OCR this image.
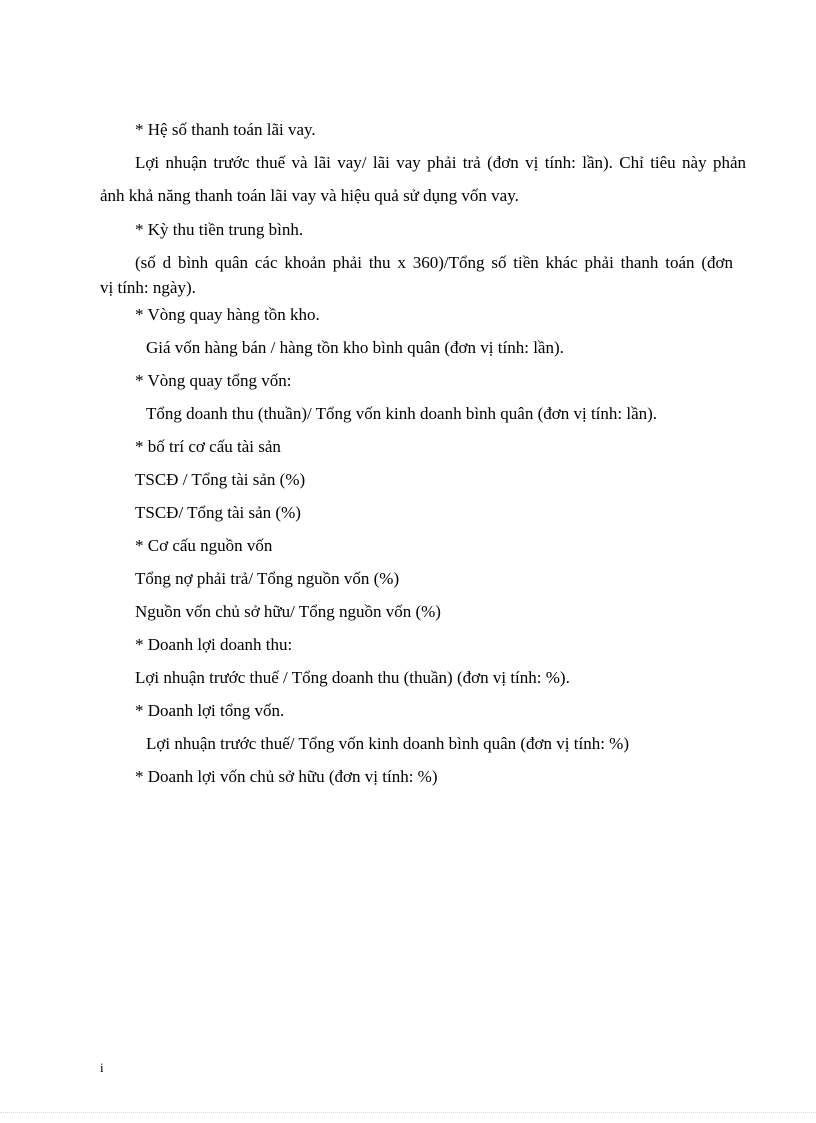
* Hệ số thanh toán lãi vay.
Lợi nhuận trước thuế và lãi vay/ lãi vay phải trả (đơn vị tính: lần). Chỉ tiêu này phản
ảnh khả năng thanh toán lãi vay và hiệu quả sử dụng vốn vay.
* Kỳ thu tiền trung bình.
(số d bình quân các khoản phải thu x 360)/Tổng số tiền khác phải thanh toán (đơn
vị tính: ngày).
* Vòng quay hàng tồn kho.
Giá vốn hàng bán / hàng tồn kho bình quân (đơn vị tính: lần).
* Vòng quay tổng vốn:
Tổng doanh thu (thuần)/ Tổng vốn kinh doanh bình quân (đơn vị tính: lần).
* bố trí cơ cấu tài sản
TSCĐ / Tổng tài sản (%)
TSCĐ/ Tổng tài sản (%)
* Cơ cấu nguồn vốn
Tổng nợ phải trả/ Tổng nguồn vốn (%)
Nguồn vốn chủ sở hữu/ Tổng nguồn vốn (%)
* Doanh lợi doanh thu:
Lợi nhuận trước thuế / Tổng doanh thu (thuần) (đơn vị tính: %).
* Doanh lợi tổng vốn.
Lợi nhuận trước thuế/ Tổng vốn kinh doanh bình quân (đơn vị tính: %)
* Doanh lợi vốn chủ sở hữu (đơn vị tính: %)
i
